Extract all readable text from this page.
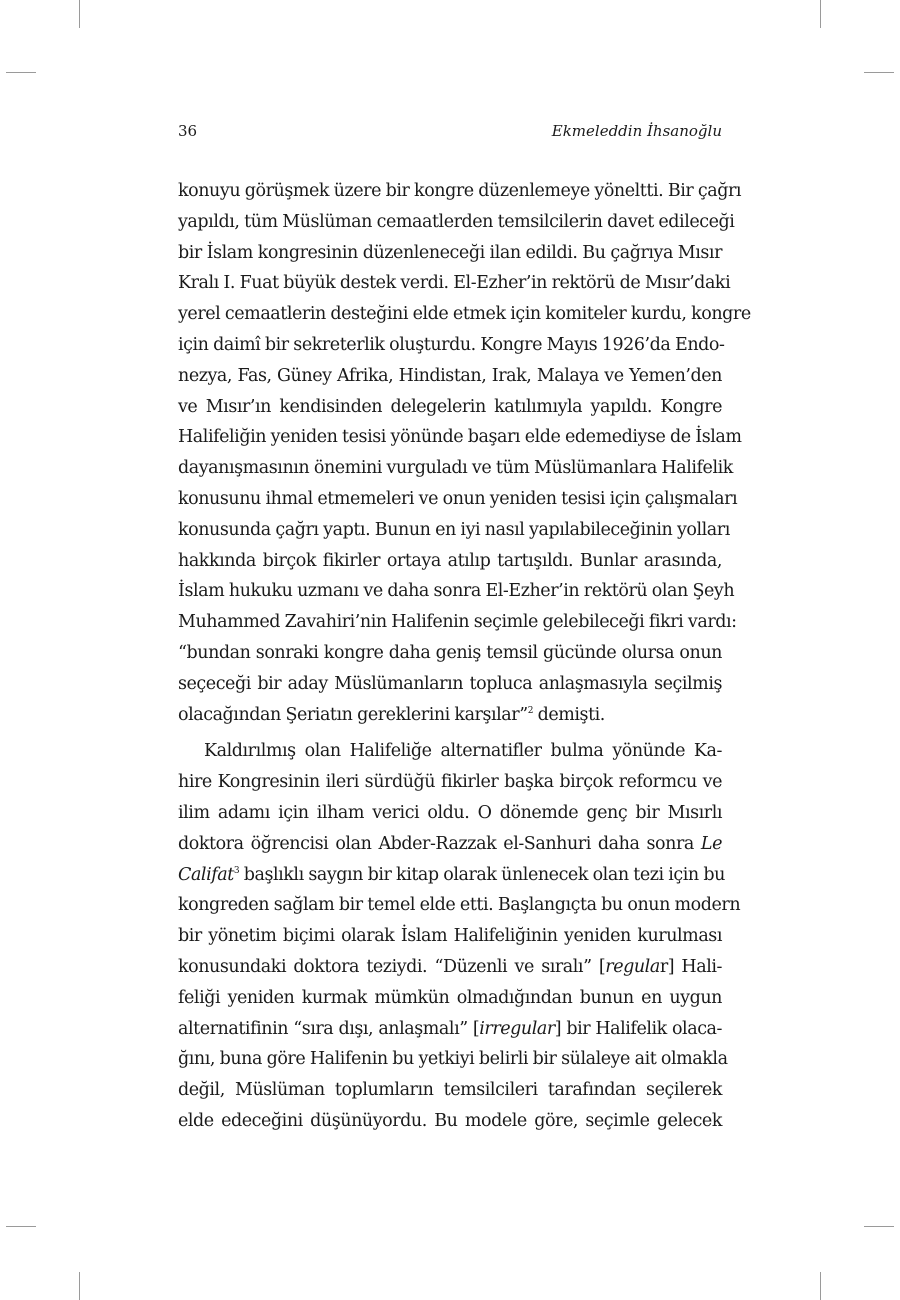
36	Ekmeleddin İhsanoğlu
konuyu görüşmek üzere bir kongre düzenlemeye yöneltti. Bir çağrı
yapıldı, tüm Müslüman cemaatlerden temsilcilerin davet edileceği
bir İslam kongresinin düzenleneceği ilan edildi. Bu çağrıya Mısır
Kralı I. Fuat büyük destek verdi. El-Ezher’in rektörü de Mısır’daki
yerel cemaatlerin desteğini elde etmek için komiteler kurdu, kongre
için daimî bir sekreterlik oluşturdu. Kongre Mayıs 1926’da Endo-
nezya, Fas, Güney Afrika, Hindistan, Irak, Malaya ve Yemen’den
ve Mısır’ın kendisinden delegelerin katılımıyla yapıldı. Kongre
Halifeliğin yeniden tesisi yönünde başarı elde edemediyse de İslam
dayanışmasının önemini vurguladı ve tüm Müslümanlara Halifelik
konusunu ihmal etmemeleri ve onun yeniden tesisi için çalışmaları
konusunda çağrı yaptı. Bunun en iyi nasıl yapılabileceğinin yolları
hakkında birçok fikirler ortaya atılıp tartışıldı. Bunlar arasında,
İslam hukuku uzmanı ve daha sonra El-Ezher’in rektörü olan Şeyh
Muhammed Zavahiri’nin Halifenin seçimle gelebileceği fikri vardı:
“bundan sonraki kongre daha geniş temsil gücünde olursa onun
seçeceği bir aday Müslümanların topluca anlaşmasıyla seçilmiş
olacağından Şeriatın gereklerini karşılar”$^2$ demişti.
Kaldırılmış olan Halifeliğe alternatifler bulma yönünde Ka-
hire Kongresinin ileri sürdüğü fikirler başka birçok reformcu ve
ilim adamı için ilham verici oldu. O dönemde genç bir Mısırlı
doktora öğrencisi olan Abder-Razzak el-Sanhuri daha sonra Le
Califat$^3$ başlıklı saygın bir kitap olarak ünlenecek olan tezi için bu
kongreden sağlam bir temel elde etti. Başlangıçta bu onun modern
bir yönetim biçimi olarak İslam Halifeliğinin yeniden kurulması
konusundaki doktora teziydi. “Düzenli ve sıralı” [regular] Hali-
feliği yeniden kurmak mümkün olmadığından bunun en uygun
alternatifinin “sıra dışı, anlaşmalı” [irregular] bir Halifelik olaca-
ğını, buna göre Halifenin bu yetkiyi belirli bir sülaleye ait olmakla
değil, Müslüman toplumların temsilcileri tarafından seçilerek
elde edeceğini düşünüyordu. Bu modele göre, seçimle gelecek
